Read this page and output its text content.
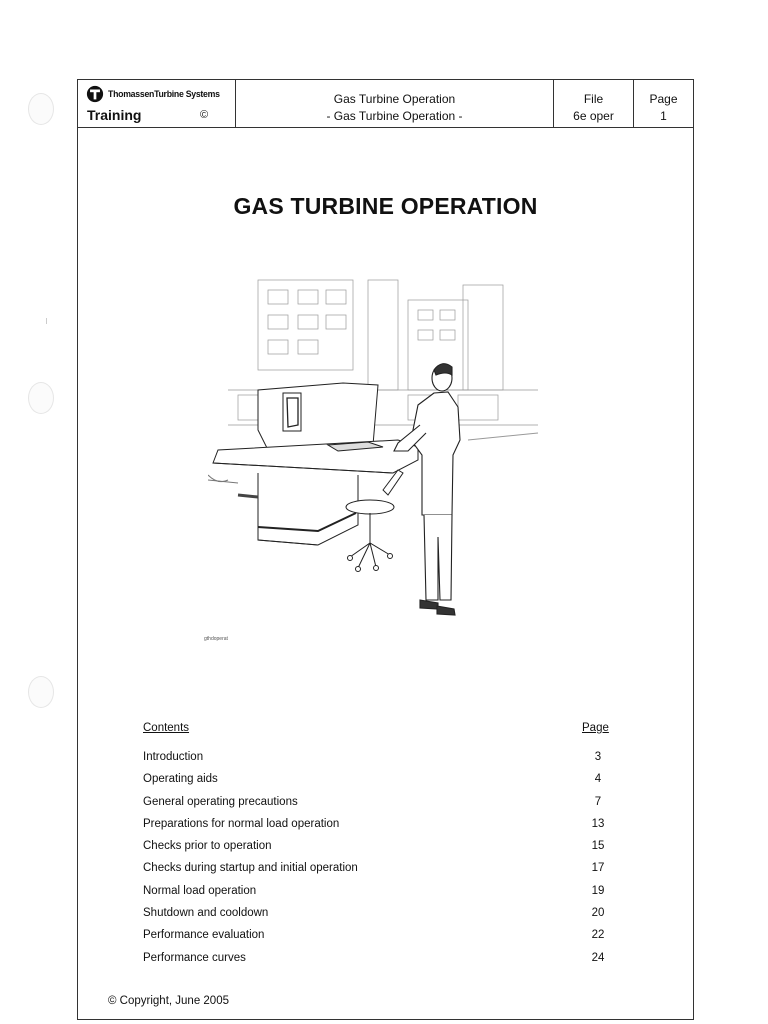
ThomassenTurbine Systems
Training	©
Gas Turbine Operation
- Gas Turbine Operation -
File
6e oper
Page
1
GAS TURBINE OPERATION
gthdoperat
Contents	Page
Introduction	3
Operating aids	4
General operating precautions	7
Preparations for normal load operation	13
Checks prior to operation	15
Checks during startup and initial operation	17
Normal load operation	19
Shutdown and cooldown	20
Performance evaluation	22
Performance curves	24
© Copyright, June 2005
